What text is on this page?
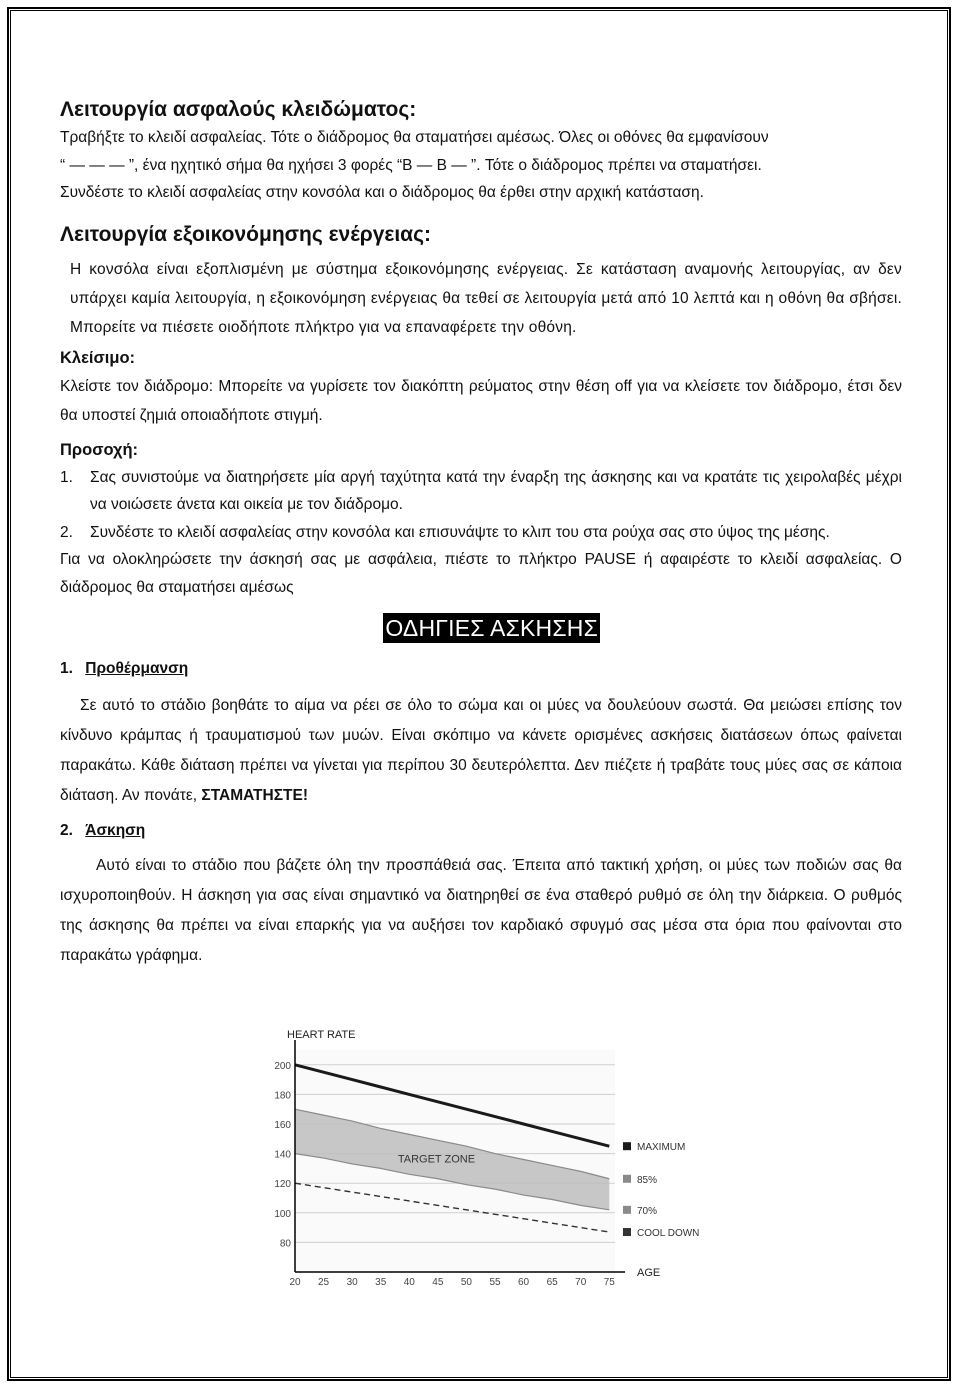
Λειτουργία ασφαλούς κλειδώματος:

Τραβήξτε το κλειδί ασφαλείας. Τότε ο διάδρομος θα σταματήσει αμέσως. Όλες οι οθόνες θα εμφανίσουν

“ — — — ”, ένα ηχητικό σήμα θα ηχήσει 3 φορές “B — B — ”. Τότε ο διάδρομος πρέπει να σταματήσει.

Συνδέστε το κλειδί ασφαλείας στην κονσόλα και ο διάδρομος θα έρθει στην αρχική κατάσταση.

Λειτουργία εξοικονόμησης ενέργειας:

Η κονσόλα είναι εξοπλισμένη με σύστημα εξοικονόμησης ενέργειας. Σε κατάσταση αναμονής λειτουργίας, αν δεν υπάρχει καμία λειτουργία, η εξοικονόμηση ενέργειας θα τεθεί σε λειτουργία μετά από 10 λεπτά και η οθόνη θα σβήσει. Μπορείτε να πιέσετε οιοδήποτε πλήκτρο για να επαναφέρετε την οθόνη.

Κλείσιμο:

Κλείστε τον διάδρομο: Μπορείτε να γυρίσετε τον διακόπτη ρεύματος στην θέση off για να κλείσετε τον διάδρομο, έτσι δεν θα υποστεί ζημιά οποιαδήποτε στιγμή.

Προσοχή:

1.	Σας συνιστούμε να διατηρήσετε μία αργή ταχύτητα κατά την έναρξη της άσκησης και να κρατάτε τις χειρολαβές μέχρι να νοιώσετε άνετα και οικεία με τον διάδρομο.
2.	Συνδέστε το κλειδί ασφαλείας στην κονσόλα και επισυνάψτε το κλιπ του στα ρούχα σας στο ύψος της μέσης.

Για να ολοκληρώσετε την άσκησή σας με ασφάλεια, πιέστε το πλήκτρο PAUSE ή αφαιρέστε το κλειδί ασφαλείας. Ο διάδρομος θα σταματήσει αμέσως

ΟΔΗΓΙΕΣ ΑΣΚΗΣΗΣ

1. Προθέρμανση

Σε αυτό το στάδιο βοηθάτε το αίμα να ρέει σε όλο το σώμα και οι μύες να δουλεύουν σωστά. Θα μειώσει επίσης τον κίνδυνο κράμπας ή τραυματισμού των μυών. Είναι σκόπιμο να κάνετε ορισμένες ασκήσεις διατάσεων όπως φαίνεται παρακάτω. Κάθε διάταση πρέπει να γίνεται για περίπου 30 δευτερόλεπτα. Δεν πιέζετε ή τραβάτε τους μύες σας σε κάποια διάταση. Αν πονάτε, ΣΤΑΜΑΤΗΣΤΕ!

2. Άσκηση

Αυτό είναι το στάδιο που βάζετε όλη την προσπάθειά σας. Έπειτα από τακτική χρήση, οι μύες των ποδιών σας θα ισχυροποιηθούν. Η άσκηση για σας είναι σημαντικό να διατηρηθεί σε ένα σταθερό ρυθμό σε όλη την διάρκεια. Ο ρυθμός της άσκησης θα πρέπει να είναι επαρκής για να αυξήσει τον καρδιακό σφυγμό σας μέσα στα όρια που φαίνονται στο παρακάτω γράφημα.

200
180
160
140
120
100
80
TARGET ZONE
MAXIMUM
85%
70%
COOL DOWN
20 25 30 35 40 45 50 55 60 65 70 75
HEART RATE
AGE
